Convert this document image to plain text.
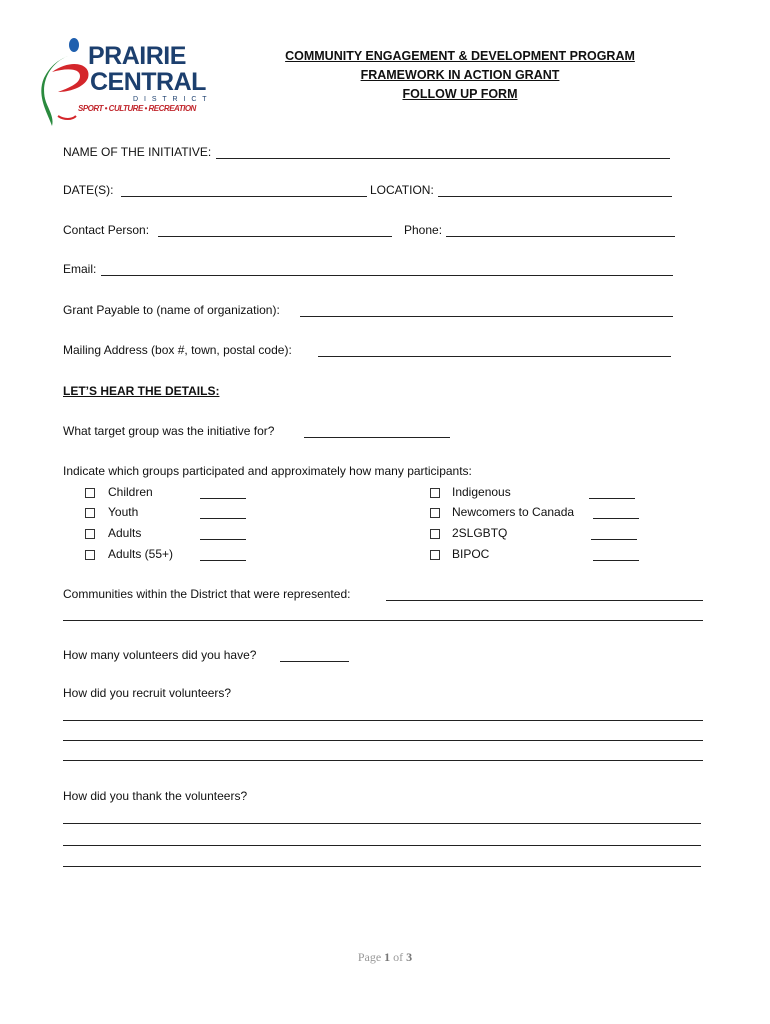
PRAIRIE
CENTRAL
D I S T R I C T
SPORT • CULTURE • RECREATION
COMMUNITY ENGAGEMENT & DEVELOPMENT PROGRAM
FRAMEWORK IN ACTION GRANT
FOLLOW UP FORM
NAME OF THE INITIATIVE:
DATE(S):	LOCATION:
Contact Person:	Phone:
Email:
Grant Payable to (name of organization):
Mailing Address (box #, town, postal code):
LET’S HEAR THE DETAILS:
What target group was the initiative for?
Indicate which groups participated and approximately how many participants:
Children
Youth
Adults
Adults (55+)
Indigenous
Newcomers to Canada
2SLGBTQ
BIPOC
Communities within the District that were represented:
How many volunteers did you have?
How did you recruit volunteers?
How did you thank the volunteers?
Page 1 of 3
